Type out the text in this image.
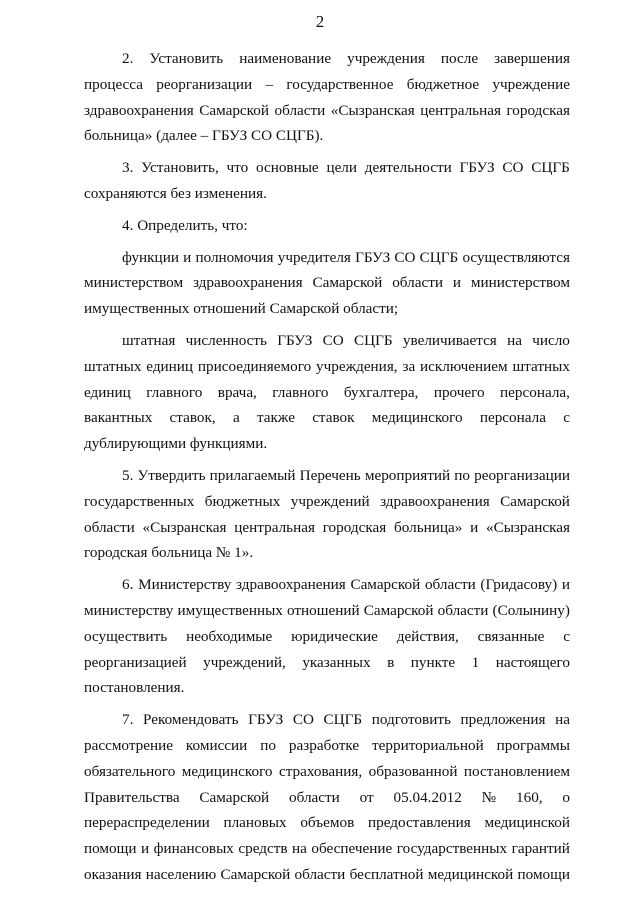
2
2. Установить наименование учреждения после завершения
процесса реорганизации – государственное бюджетное учреждение
здравоохранения Самарской области «Сызранская центральная городская
больница» (далее – ГБУЗ СО СЦГБ).
3. Установить, что основные цели деятельности ГБУЗ СО СЦГБ
сохраняются без изменения.
4. Определить, что:
функции и полномочия учредителя ГБУЗ СО СЦГБ осуществляются
министерством здравоохранения Самарской области и министерством
имущественных отношений Самарской области;
штатная численность ГБУЗ СО СЦГБ увеличивается на число
штатных единиц присоединяемого учреждения, за исключением штатных
единиц главного врача, главного бухгалтера, прочего персонала,
вакантных ставок, а также ставок медицинского персонала с
дублирующими функциями.
5. Утвердить прилагаемый Перечень мероприятий по реорганизации
государственных бюджетных учреждений здравоохранения Самарской
области «Сызранская центральная городская больница» и «Сызранская
городская больница № 1».
6. Министерству здравоохранения Самарской области (Гридасову) и
министерству имущественных отношений Самарской области (Солынину)
осуществить необходимые юридические действия, связанные с
реорганизацией учреждений, указанных в пункте 1 настоящего
постановления.
7. Рекомендовать ГБУЗ СО СЦГБ подготовить предложения на
рассмотрение комиссии по разработке территориальной программы
обязательного медицинского страхования, образованной постановлением
Правительства Самарской области от 05.04.2012 № 160, о
перераспределении плановых объемов предоставления медицинской
помощи и финансовых средств на обеспечение государственных гарантий
оказания населению Самарской области бесплатной медицинской помощи
